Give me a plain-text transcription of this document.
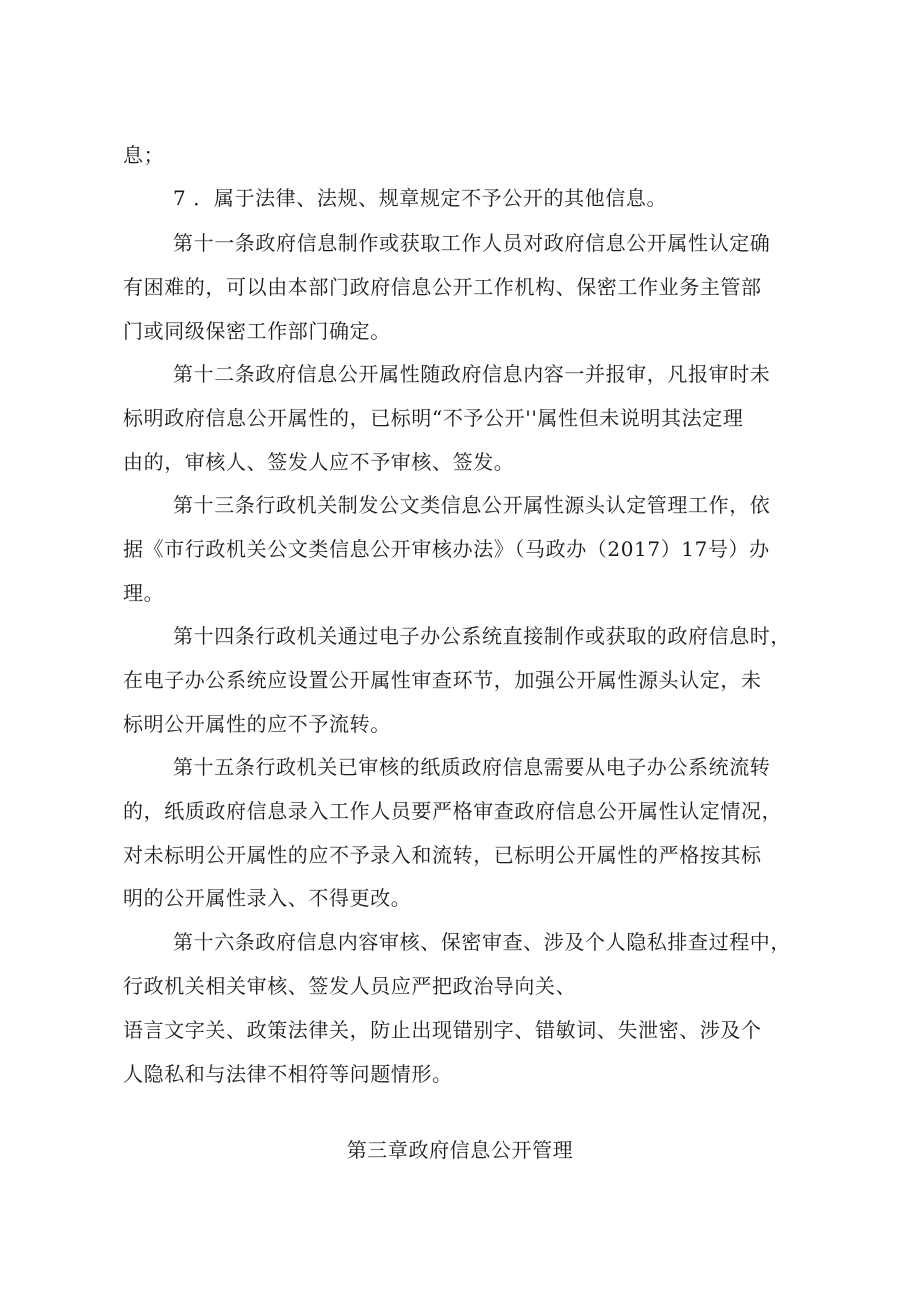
息；
7 ．属于法律、法规、规章规定不予公开的其他信息。
第十一条政府信息制作或获取工作人员对政府信息公开属性认定确
有困难的，可以由本部门政府信息公开工作机构、保密工作业务主管部
门或同级保密工作部门确定。
第十二条政府信息公开属性随政府信息内容一并报审，凡报审时未
标明政府信息公开属性的，已标明“不予公开''属性但未说明其法定理
由的，审核人、签发人应不予审核、签发。
第十三条行政机关制发公文类信息公开属性源头认定管理工作，依
据《市行政机关公文类信息公开审核办法》（马政办（2017）17号）办
理。
第十四条行政机关通过电子办公系统直接制作或获取的政府信息时，
在电子办公系统应设置公开属性审查环节，加强公开属性源头认定，未
标明公开属性的应不予流转。
第十五条行政机关已审核的纸质政府信息需要从电子办公系统流转
的，纸质政府信息录入工作人员要严格审查政府信息公开属性认定情况，
对未标明公开属性的应不予录入和流转，已标明公开属性的严格按其标
明的公开属性录入、不得更改。
第十六条政府信息内容审核、保密审查、涉及个人隐私排查过程中，
行政机关相关审核、签发人员应严把政治导向关、
语言文字关、政策法律关，防止出现错别字、错敏词、失泄密、涉及个
人隐私和与法律不相符等问题情形。
第三章政府信息公开管理
